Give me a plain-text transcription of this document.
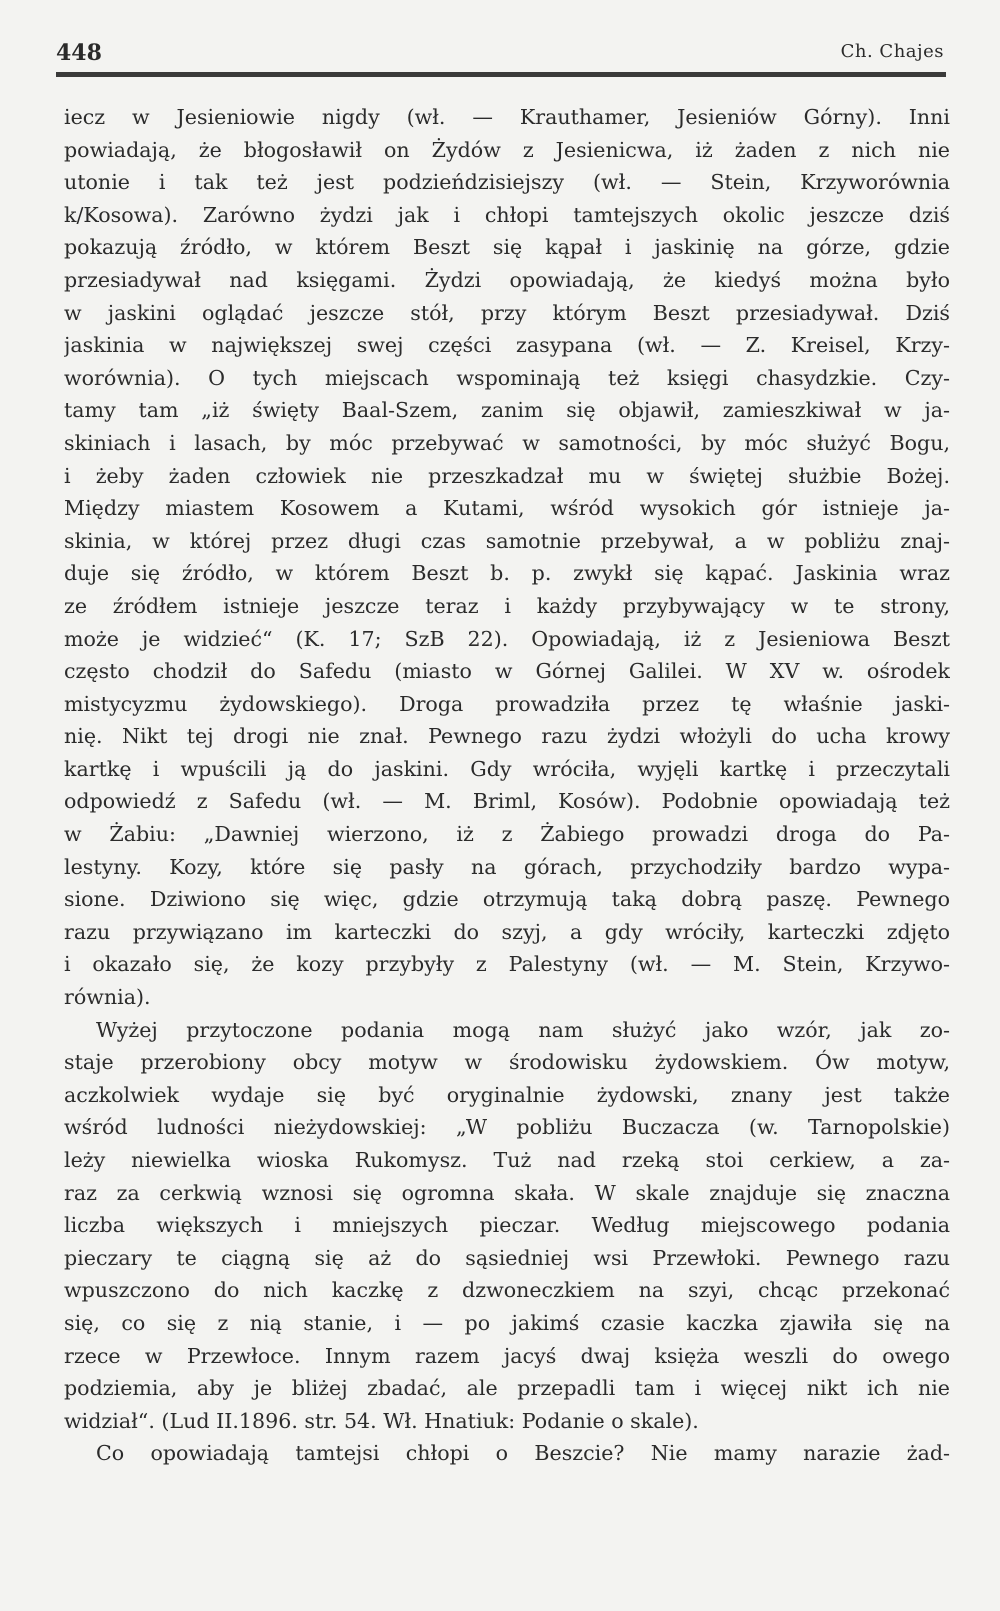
448	Ch. Chajes
iecz w Jesieniowie nigdy (wł. — Krauthamer, Jesieniów Górny). Inni
powiadają, że błogosławił on Żydów z Jesienicwa, iż żaden z nich nie
utonie i tak też jest podzieńdzisiejszy (wł. — Stein, Krzyworównia
k/Kosowa). Zarówno żydzi jak i chłopi tamtejszych okolic jeszcze dziś
pokazują źródło, w którem Beszt się kąpał i jaskinię na górze, gdzie
przesiadywał nad księgami. Żydzi opowiadają, że kiedyś można było
w jaskini oglądać jeszcze stół, przy którym Beszt przesiadywał. Dziś
jaskinia w największej swej części zasypana (wł. — Z. Kreisel, Krzy-
worównia). O tych miejscach wspominają też księgi chasydzkie. Czy-
tamy tam „iż święty Baal-Szem, zanim się objawił, zamieszkiwał w ja-
skiniach i lasach, by móc przebywać w samotności, by móc służyć Bogu,
i żeby żaden człowiek nie przeszkadzał mu w świętej służbie Bożej.
Między miastem Kosowem a Kutami, wśród wysokich gór istnieje ja-
skinia, w której przez długi czas samotnie przebywał, a w pobliżu znaj-
duje się źródło, w którem Beszt b. p. zwykł się kąpać. Jaskinia wraz
ze źródłem istnieje jeszcze teraz i każdy przybywający w te strony,
może je widzieć“ (K. 17; SzB 22). Opowiadają, iż z Jesieniowa Beszt
często chodził do Safedu (miasto w Górnej Galilei. W XV w. ośrodek
mistycyzmu żydowskiego). Droga prowadziła przez tę właśnie jaski-
nię. Nikt tej drogi nie znał. Pewnego razu żydzi włożyli do ucha krowy
kartkę i wpuścili ją do jaskini. Gdy wróciła, wyjęli kartkę i przeczytali
odpowiedź z Safedu (wł. — M. Briml, Kosów). Podobnie opowiadają też
w Żabiu: „Dawniej wierzono, iż z Żabiego prowadzi droga do Pa-
lestyny. Kozy, które się pasły na górach, przychodziły bardzo wypa-
sione. Dziwiono się więc, gdzie otrzymują taką dobrą paszę. Pewnego
razu przywiązano im karteczki do szyj, a gdy wróciły, karteczki zdjęto
i okazało się, że kozy przybyły z Palestyny (wł. — M. Stein, Krzywo-
równia).
Wyżej przytoczone podania mogą nam służyć jako wzór, jak zo-
staje przerobiony obcy motyw w środowisku żydowskiem. Ów motyw,
aczkolwiek wydaje się być oryginalnie żydowski, znany jest także
wśród ludności nieżydowskiej: „W pobliżu Buczacza (w. Tarnopolskie)
leży niewielka wioska Rukomysz. Tuż nad rzeką stoi cerkiew, a za-
raz za cerkwią wznosi się ogromna skała. W skale znajduje się znaczna
liczba większych i mniejszych pieczar. Według miejscowego podania
pieczary te ciągną się aż do sąsiedniej wsi Przewłoki. Pewnego razu
wpuszczono do nich kaczkę z dzwoneczkiem na szyi, chcąc przekonać
się, co się z nią stanie, i — po jakimś czasie kaczka zjawiła się na
rzece w Przewłoce. Innym razem jacyś dwaj księża weszli do owego
podziemia, aby je bliżej zbadać, ale przepadli tam i więcej nikt ich nie
widział“. (Lud II.1896. str. 54. Wł. Hnatiuk: Podanie o skale).
Co opowiadają tamtejsi chłopi o Beszcie? Nie mamy narazie żad-
